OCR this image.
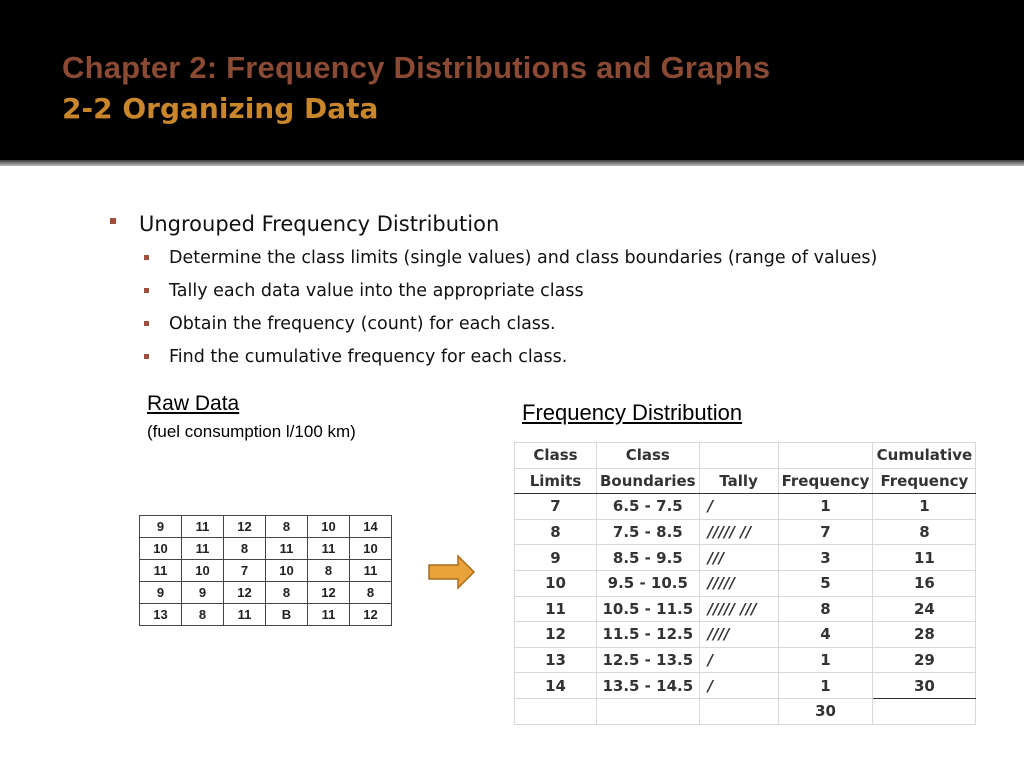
Chapter 2: Frequency Distributions and Graphs
2-2 Organizing Data
Ungrouped Frequency Distribution
Determine the class limits (single values) and class boundaries (range of values)
Tally each data value into the appropriate class
Obtain the frequency (count) for each class.
Find the cumulative frequency for each class.
Raw Data
(fuel consumption l/100 km)
9	11	12	8	10	14
10	11	8	11	11	10
11	10	7	10	8	11
9	9	12	8	12	8
13	8	11	B	11	12
Frequency Distribution
Class	Class			Cumulative
Limits	Boundaries	Tally	Frequency	Frequency
7	6.5 - 7.5	/	1	1
8	7.5 - 8.5	///// //	7	8
9	8.5 - 9.5	///	3	11
10	9.5 - 10.5	/////	5	16
11	10.5 - 11.5	///// ///	8	24
12	11.5 - 12.5	////	4	28
13	12.5 - 13.5	/	1	29
14	13.5 - 14.5	/	1	30
			30	
